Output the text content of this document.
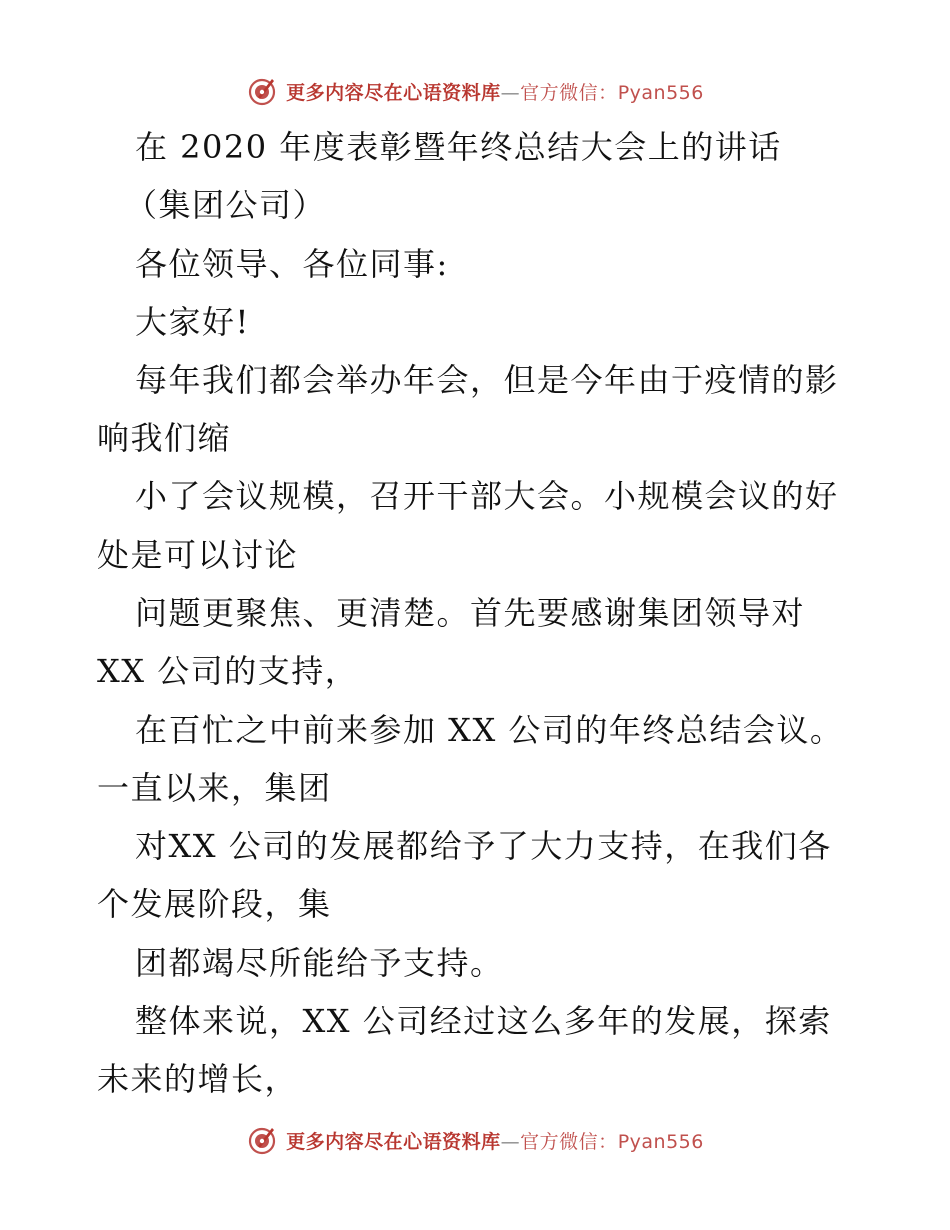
更多内容尽在心语资料库—官方微信：Pyan556
在 2020 年度表彰暨年终总结大会上的讲话
（集团公司）
各位领导、各位同事:
大家好!
每年我们都会举办年会，但是今年由于疫情的影
响我们缩
小了会议规模，召开干部大会。小规模会议的好
处是可以讨论
问题更聚焦、更清楚。首先要感谢集团领导对
XX 公司的支持，
在百忙之中前来参加 XX 公司的年终总结会议。
一直以来，集团
对XX 公司的发展都给予了大力支持，在我们各
个发展阶段，集
团都竭尽所能给予支持。
整体来说，XX 公司经过这么多年的发展，探索
未来的增长，
更多内容尽在心语资料库—官方微信：Pyan556
